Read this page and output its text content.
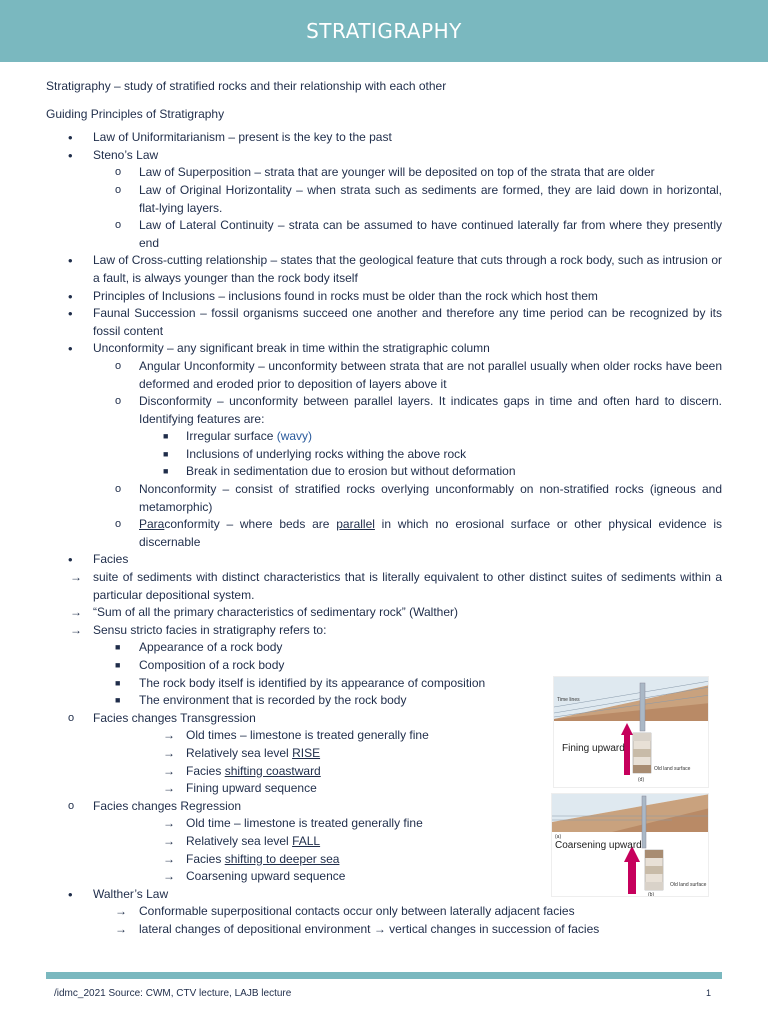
STRATIGRAPHY
Stratigraphy – study of stratified rocks and their relationship with each other
Guiding Principles of Stratigraphy
• Law of Uniformitarianism – present is the key to the past
• Steno’s Law
o Law of Superposition – strata that are younger will be deposited on top of the strata that are older
o Law of Original Horizontality – when strata such as sediments are formed, they are laid down in horizontal, flat-lying layers.
o Law of Lateral Continuity – strata can be assumed to have continued laterally far from where they presently end
• Law of Cross-cutting relationship – states that the geological feature that cuts through a rock body, such as intrusion or a fault, is always younger than the rock body itself
• Principles of Inclusions – inclusions found in rocks must be older than the rock which host them
• Faunal Succession – fossil organisms succeed one another and therefore any time period can be recognized by its fossil content
• Unconformity – any significant break in time within the stratigraphic column
o Angular Unconformity – unconformity between strata that are not parallel usually when older rocks have been deformed and eroded prior to deposition of layers above it
o Disconformity – unconformity between parallel layers. It indicates gaps in time and often hard to discern. Identifying features are:
■ Irregular surface (wavy)
■ Inclusions of underlying rocks withing the above rock
■ Break in sedimentation due to erosion but without deformation
o Nonconformity – consist of stratified rocks overlying unconformably on non-stratified rocks (igneous and metamorphic)
o Paraconformity – where beds are parallel in which no erosional surface or other physical evidence is discernable
• Facies
→ suite of sediments with distinct characteristics that is literally equivalent to other distinct suites of sediments within a particular depositional system.
→ “Sum of all the primary characteristics of sedimentary rock” (Walther)
→ Sensu stricto facies in stratigraphy refers to:
■ Appearance of a rock body
■ Composition of a rock body
■ The rock body itself is identified by its appearance of composition
■ The environment that is recorded by the rock body
o Facies changes Transgression
→ Old times – limestone is treated generally fine
→ Relatively sea level RISE
→ Facies shifting coastward
→ Fining upward sequence
o Facies changes Regression
→ Old time – limestone is treated generally fine
→ Relatively sea level FALL
→ Facies shifting to deeper sea
→ Coarsening upward sequence
• Walther’s Law
→ Conformable superpositional contacts occur only between laterally adjacent facies
→ lateral changes of depositional environment → vertical changes in succession of facies
Time lines
Fining upward
Old land surface
(d)
(a)
Coarsening upward
Old land surface
(b)
/idmc_2021 Source: CWM, CTV lecture, LAJB lecture	1
